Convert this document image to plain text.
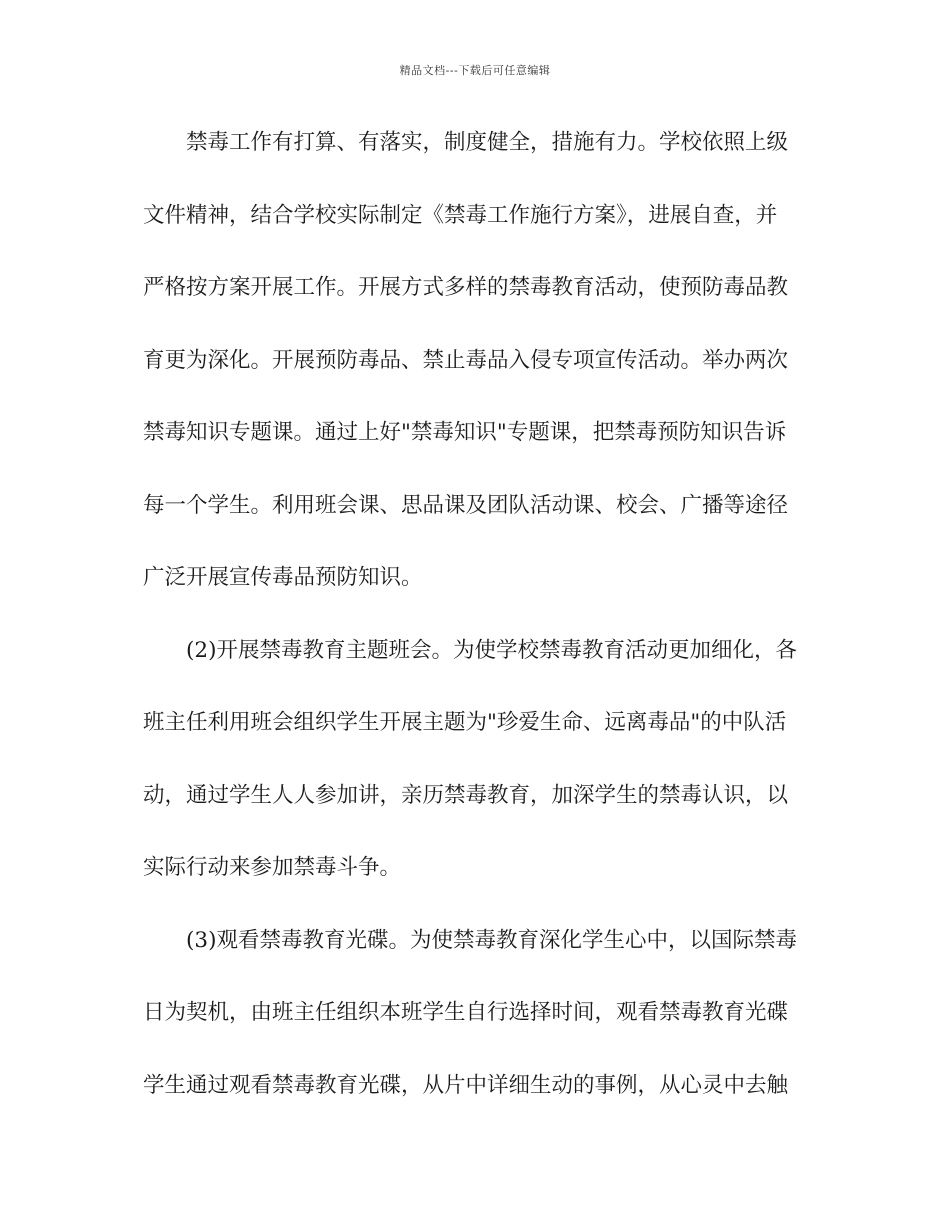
精品文档---下载后可任意编辑
禁毒工作有打算、有落实，制度健全，措施有力。学校依照上级
文件精神，结合学校实际制定《禁毒工作施行方案》，进展自查，并
严格按方案开展工作。开展方式多样的禁毒教育活动，使预防毒品教
育更为深化。开展预防毒品、禁止毒品入侵专项宣传活动。举办两次
禁毒知识专题课。通过上好"禁毒知识"专题课，把禁毒预防知识告诉
每一个学生。利用班会课、思品课及团队活动课、校会、广播等途径
广泛开展宣传毒品预防知识。
(2)开展禁毒教育主题班会。为使学校禁毒教育活动更加细化，各
班主任利用班会组织学生开展主题为"珍爱生命、远离毒品"的中队活
动，通过学生人人参加讲，亲历禁毒教育，加深学生的禁毒认识，以
实际行动来参加禁毒斗争。
(3)观看禁毒教育光碟。为使禁毒教育深化学生心中，以国际禁毒
日为契机，由班主任组织本班学生自行选择时间，观看禁毒教育光碟
学生通过观看禁毒教育光碟，从片中详细生动的事例，从心灵中去触
